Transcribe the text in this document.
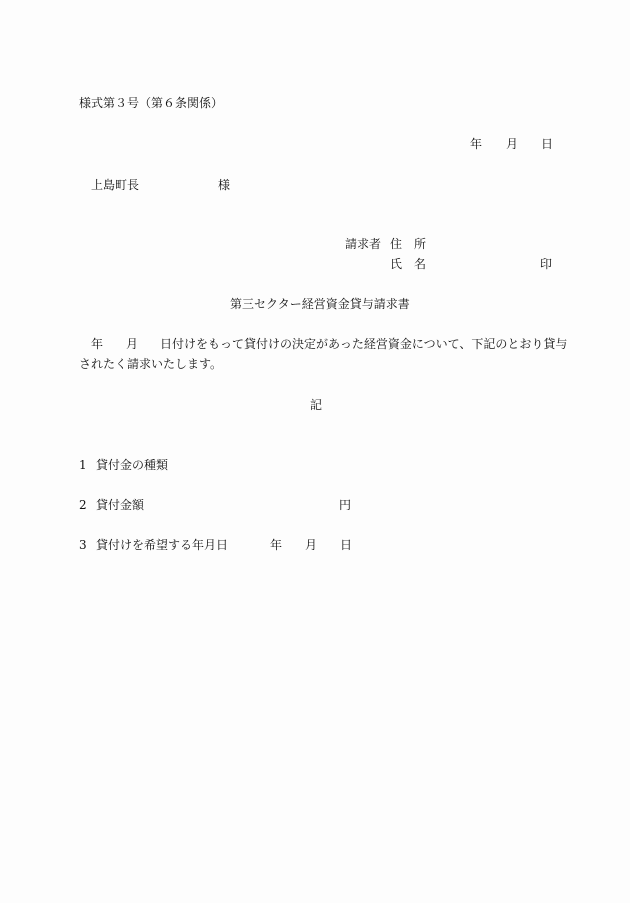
様式第３号（第６条関係）
年 月 日
上島町長	様
請求者 住　所
氏　名	印
第三セクター経営資金貸与請求書
年 月 日付けをもって貸付けの決定があった経営資金について、下記のとおり貸与
されたく請求いたします。
記
1 貸付金の種類
2 貸付金額	円
3 貸付けを希望する年月日	年 月 日
